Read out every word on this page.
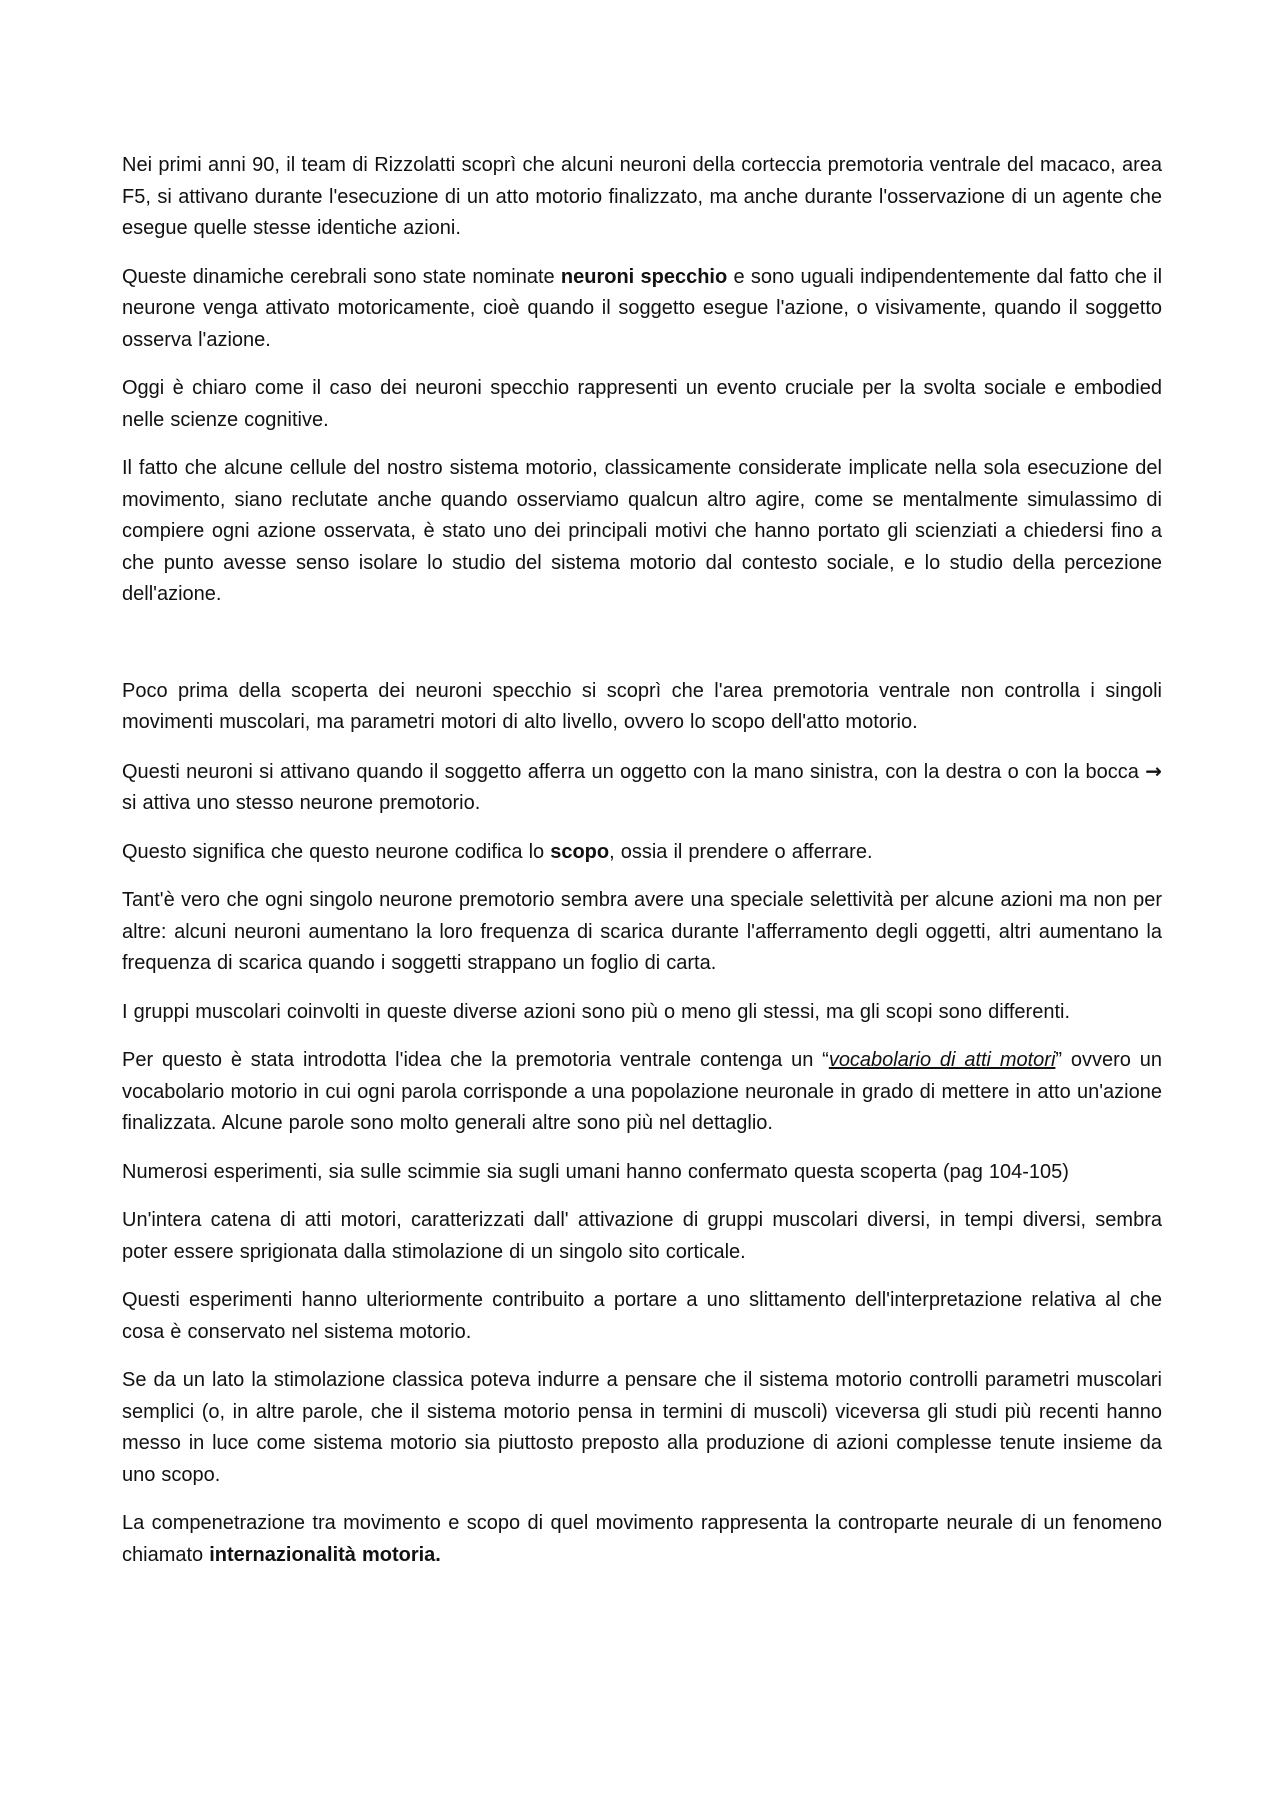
Nei primi anni 90, il team di Rizzolatti scoprì che alcuni neuroni della corteccia premotoria ventrale del macaco, area F5, si attivano durante l'esecuzione di un atto motorio finalizzato, ma anche durante l'osservazione di un agente che esegue quelle stesse identiche azioni.

Queste dinamiche cerebrali sono state nominate neuroni specchio e sono uguali indipendentemente dal fatto che il neurone venga attivato motoricamente, cioè quando il soggetto esegue l'azione, o visivamente, quando il soggetto osserva l'azione.

Oggi è chiaro come il caso dei neuroni specchio rappresenti un evento cruciale per la svolta sociale e embodied nelle scienze cognitive.

Il fatto che alcune cellule del nostro sistema motorio, classicamente considerate implicate nella sola esecuzione del movimento, siano reclutate anche quando osserviamo qualcun altro agire, come se mentalmente simulassimo di compiere ogni azione osservata, è stato uno dei principali motivi che hanno portato gli scienziati a chiedersi fino a che punto avesse senso isolare lo studio del sistema motorio dal contesto sociale, e lo studio della percezione dell'azione.

Poco prima della scoperta dei neuroni specchio si scoprì che l'area premotoria ventrale non controlla i singoli movimenti muscolari, ma parametri motori di alto livello, ovvero lo scopo dell'atto motorio.

Questi neuroni si attivano quando il soggetto afferra un oggetto con la mano sinistra, con la destra o con la bocca → si attiva uno stesso neurone premotorio.

Questo significa che questo neurone codifica lo scopo, ossia il prendere o afferrare.

Tant'è vero che ogni singolo neurone premotorio sembra avere una speciale selettività per alcune azioni ma non per altre: alcuni neuroni aumentano la loro frequenza di scarica durante l'afferramento degli oggetti, altri aumentano la frequenza di scarica quando i soggetti strappano un foglio di carta.

I gruppi muscolari coinvolti in queste diverse azioni sono più o meno gli stessi, ma gli scopi sono differenti.

Per questo è stata introdotta l'idea che la premotoria ventrale contenga un “vocabolario di atti motori” ovvero un vocabolario motorio in cui ogni parola corrisponde a una popolazione neuronale in grado di mettere in atto un'azione finalizzata. Alcune parole sono molto generali altre sono più nel dettaglio.

Numerosi esperimenti, sia sulle scimmie sia sugli umani hanno confermato questa scoperta (pag 104-105)

Un'intera catena di atti motori, caratterizzati dall' attivazione di gruppi muscolari diversi, in tempi diversi, sembra poter essere sprigionata dalla stimolazione di un singolo sito corticale.

Questi esperimenti hanno ulteriormente contribuito a portare a uno slittamento dell'interpretazione relativa al che cosa è conservato nel sistema motorio.

Se da un lato la stimolazione classica poteva indurre a pensare che il sistema motorio controlli parametri muscolari semplici (o, in altre parole, che il sistema motorio pensa in termini di muscoli) viceversa gli studi più recenti hanno messo in luce come sistema motorio sia piuttosto preposto alla produzione di azioni complesse tenute insieme da uno scopo.

La compenetrazione tra movimento e scopo di quel movimento rappresenta la controparte neurale di un fenomeno chiamato internazionalità motoria.
